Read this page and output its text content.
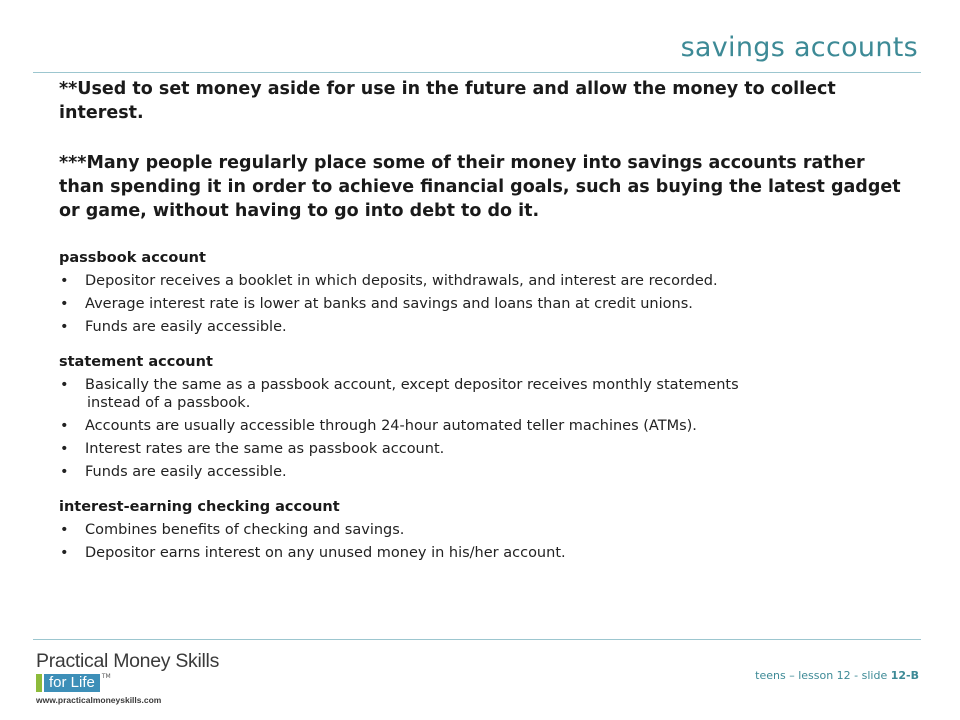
savings accounts

**Used to set money aside for use in the future and allow the money to collect interest.

***Many people regularly place some of their money into savings accounts rather than spending it in order to achieve financial goals, such as buying the latest gadget or game, without having to go into debt to do it.

passbook account

• Depositor receives a booklet in which deposits, withdrawals, and interest are recorded.
• Average interest rate is lower at banks and savings and loans than at credit unions.
• Funds are easily accessible.

statement account

• Basically the same as a passbook account, except depositor receives monthly statements
instead of a passbook.
• Accounts are usually accessible through 24-hour automated teller machines (ATMs).
• Interest rates are the same as passbook account.
• Funds are easily accessible.

interest-earning checking account

• Combines benefits of checking and savings.
• Depositor earns interest on any unused money in his/her account.
Practical Money Skills
for Life	TM
www.practicalmoneyskills.com
teens – lesson 12 - slide 12-B
